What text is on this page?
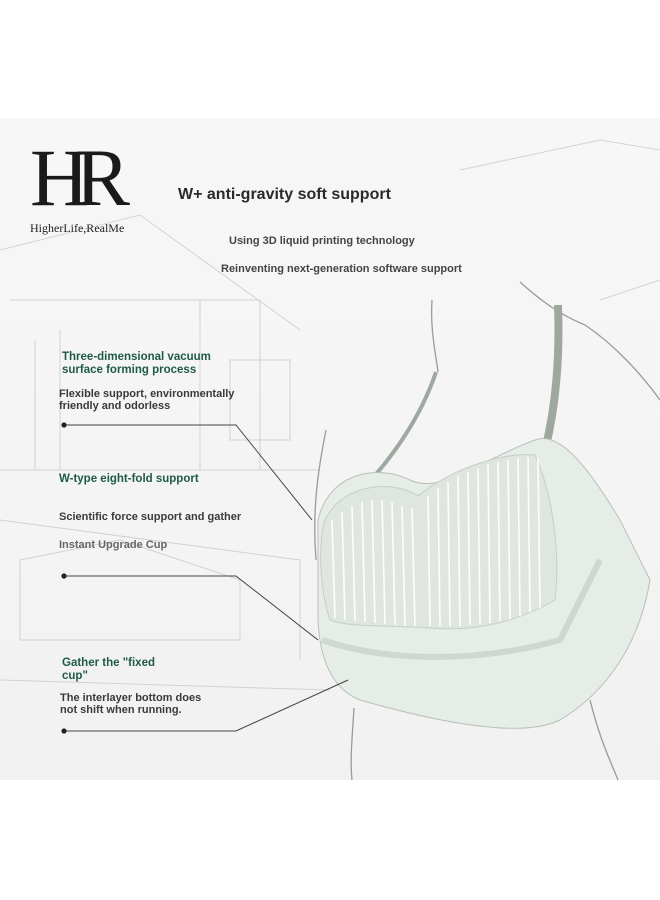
HR
HigherLife,RealMe
W+ anti-gravity soft support
Using 3D liquid printing technology
Reinventing next-generation software support
Three-dimensional vacuum
surface forming process
Flexible support, environmentally
friendly and odorless
W-type eight-fold support
Scientific force support and gather
Instant Upgrade Cup
Gather the "fixed
cup"
The interlayer bottom does
not shift when running.
